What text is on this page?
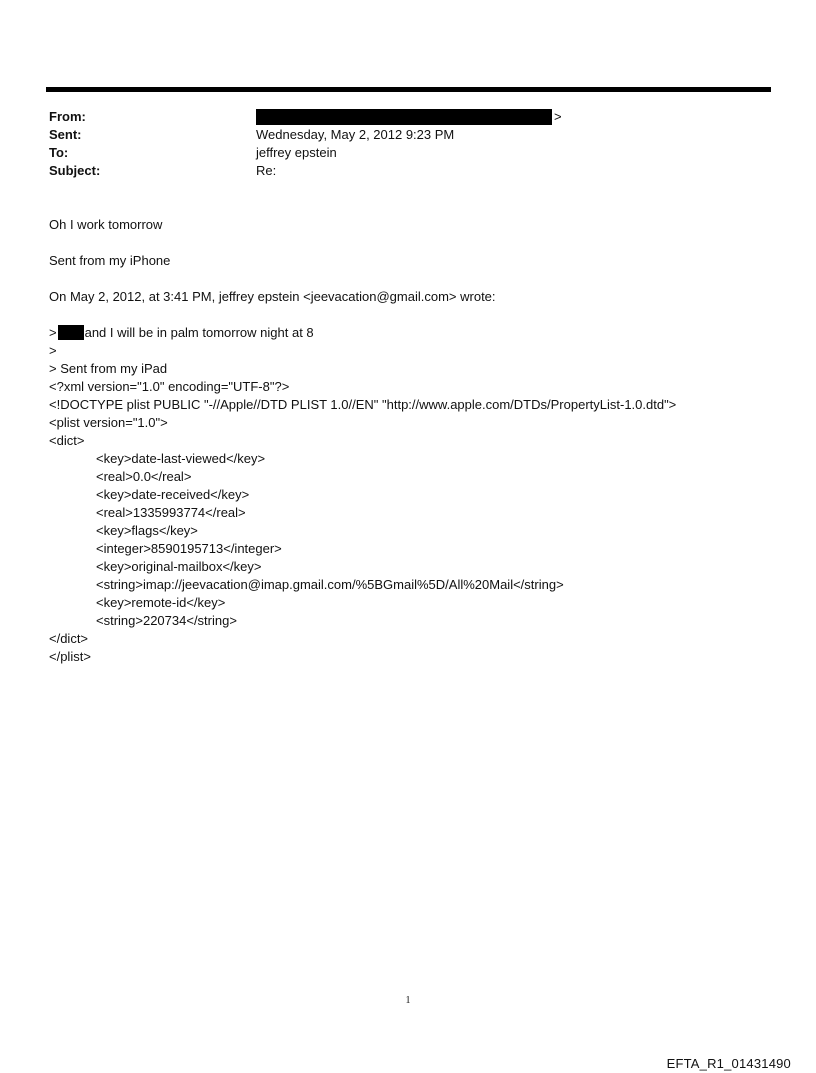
From:	>
Sent:	Wednesday, May 2, 2012 9:23 PM
To:	jeffrey epstein
Subject:	Re:
Oh I work tomorrow
Sent from my iPhone
On May 2, 2012, at 3:41 PM, jeffrey epstein <jeevacation@gmail.com> wrote:
> and I will be in palm tomorrow night at 8
>
> Sent from my iPad
<?xml version="1.0" encoding="UTF-8"?>
<!DOCTYPE plist PUBLIC "-//Apple//DTD PLIST 1.0//EN" "http://www.apple.com/DTDs/PropertyList-1.0.dtd">
<plist version="1.0">
<dict>
<key>date-last-viewed</key>
<real>0.0</real>
<key>date-received</key>
<real>1335993774</real>
<key>flags</key>
<integer>8590195713</integer>
<key>original-mailbox</key>
<string>imap://jeevacation@imap.gmail.com/%5BGmail%5D/All%20Mail</string>
<key>remote-id</key>
<string>220734</string>
</dict>
</plist>
1
EFTA_R1_01431490
